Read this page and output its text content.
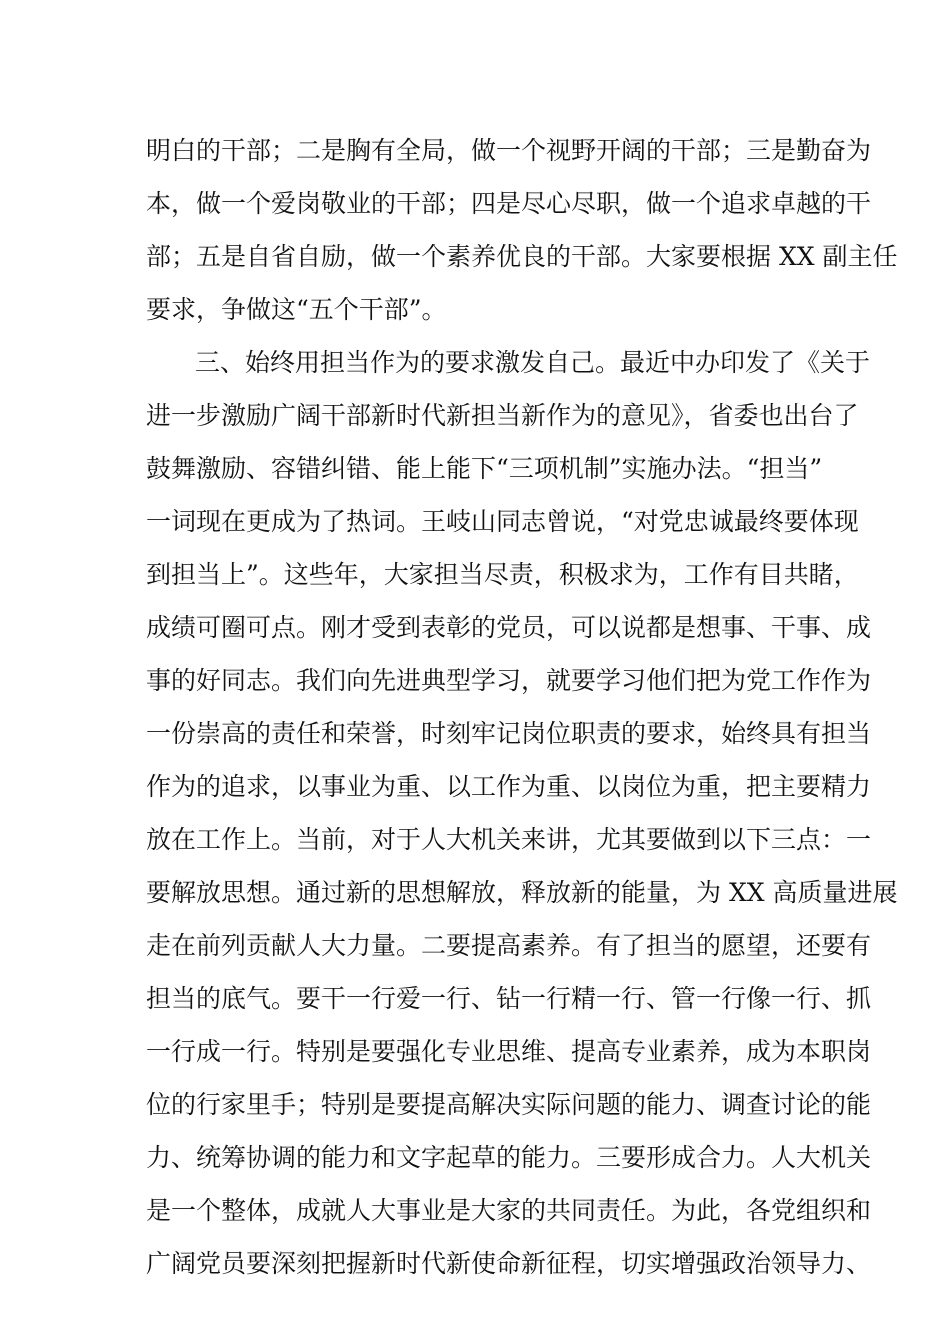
明白的干部；二是胸有全局，做一个视野开阔的干部；三是勤奋为
本，做一个爱岗敬业的干部；四是尽心尽职，做一个追求卓越的干
部；五是自省自励，做一个素养优良的干部。大家要根据 XX 副主任
要求，争做这“五个干部”。
三、始终用担当作为的要求激发自己。最近中办印发了《关于
进一步激励广阔干部新时代新担当新作为的意见》，省委也出台了
鼓舞激励、容错纠错、能上能下“三项机制”实施办法。“担当”
一词现在更成为了热词。王岐山同志曾说，“对党忠诚最终要体现
到担当上”。这些年，大家担当尽责，积极求为，工作有目共睹，
成绩可圈可点。刚才受到表彰的党员，可以说都是想事、干事、成
事的好同志。我们向先进典型学习，就要学习他们把为党工作作为
一份崇高的责任和荣誉，时刻牢记岗位职责的要求，始终具有担当
作为的追求，以事业为重、以工作为重、以岗位为重，把主要精力
放在工作上。当前，对于人大机关来讲，尤其要做到以下三点：一
要解放思想。通过新的思想解放，释放新的能量，为 XX 高质量进展
走在前列贡献人大力量。二要提高素养。有了担当的愿望，还要有
担当的底气。要干一行爱一行、钻一行精一行、管一行像一行、抓
一行成一行。特别是要强化专业思维、提高专业素养，成为本职岗
位的行家里手；特别是要提高解决实际问题的能力、调查讨论的能
力、统筹协调的能力和文字起草的能力。三要形成合力。人大机关
是一个整体，成就人大事业是大家的共同责任。为此，各党组织和
广阔党员要深刻把握新时代新使命新征程，切实增强政治领导力、
